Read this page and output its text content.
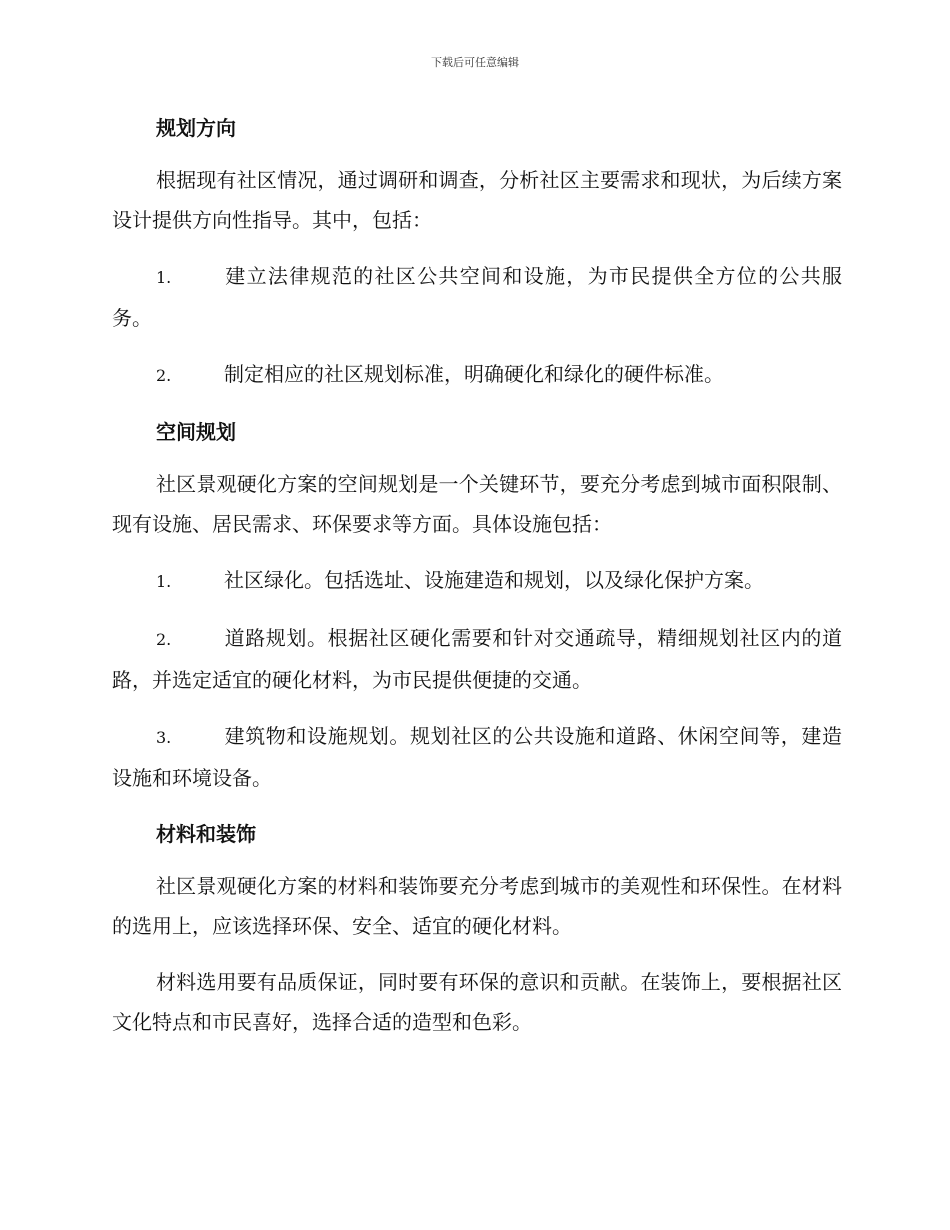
下载后可任意编辑
规划方向

根据现有社区情况，通过调研和调查，分析社区主要需求和现状，为后续方案设计提供方向性指导。其中，包括：

1.	建立法律规范的社区公共空间和设施，为市民提供全方位的公共服务。

2.	制定相应的社区规划标准，明确硬化和绿化的硬件标准。

空间规划

社区景观硬化方案的空间规划是一个关键环节，要充分考虑到城市面积限制、现有设施、居民需求、环保要求等方面。具体设施包括：

1.	社区绿化。包括选址、设施建造和规划，以及绿化保护方案。

2.	道路规划。根据社区硬化需要和针对交通疏导，精细规划社区内的道路，并选定适宜的硬化材料，为市民提供便捷的交通。

3.	建筑物和设施规划。规划社区的公共设施和道路、休闲空间等，建造设施和环境设备。

材料和装饰

社区景观硬化方案的材料和装饰要充分考虑到城市的美观性和环保性。在材料的选用上，应该选择环保、安全、适宜的硬化材料。

材料选用要有品质保证，同时要有环保的意识和贡献。在装饰上，要根据社区文化特点和市民喜好，选择合适的造型和色彩。
